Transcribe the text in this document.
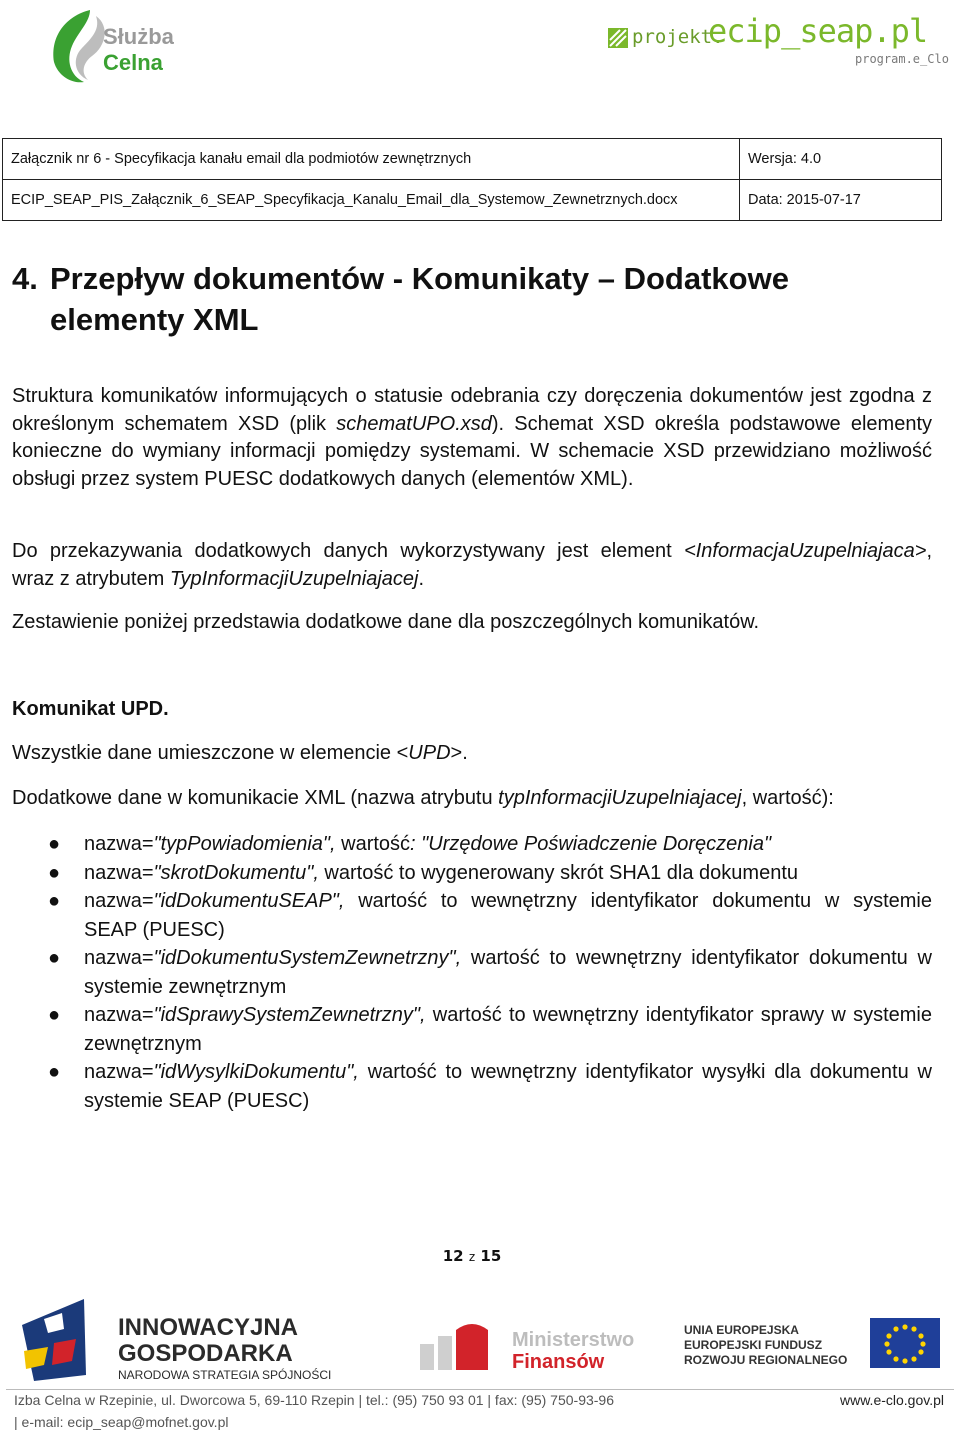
Służba
Celna
projekt.
ecip_seap.pl
program.e_Clo
Załącznik nr 6 - Specyfikacja kanału email dla podmiotów zewnętrznych	Wersja: 4.0
ECIP_SEAP_PIS_Załącznik_6_SEAP_Specyfikacja_Kanalu_Email_dla_Systemow_Zewnetrznych.docx	Data: 2015-07-17
4. Przepływ dokumentów - Komunikaty – Dodatkowe
elementy XML
Struktura komunikatów informujących o statusie odebrania czy doręczenia dokumentów jest zgodna z określonym schematem XSD (plik schematUPO.xsd). Schemat XSD określa podstawowe elementy konieczne do wymiany informacji pomiędzy systemami. W schemacie XSD przewidziano możliwość obsługi przez system PUESC dodatkowych danych (elementów XML).
Do przekazywania dodatkowych danych wykorzystywany jest element <InformacjaUzupelniajaca>, wraz z atrybutem TypInformacjiUzupelniajacej.
Zestawienie poniżej przedstawia dodatkowe dane dla poszczególnych komunikatów.
Komunikat UPD.
Wszystkie dane umieszczone w elemencie <UPD>.
Dodatkowe dane w komunikacie XML (nazwa atrybutu typInformacjiUzupelniajacej, wartość):
● nazwa="typPowiadomienia", wartość: "Urzędowe Poświadczenie Doręczenia"
● nazwa="skrotDokumentu", wartość to wygenerowany skrót SHA1 dla dokumentu
● nazwa="idDokumentuSEAP", wartość to wewnętrzny identyfikator dokumentu w systemie SEAP (PUESC)
● nazwa="idDokumentuSystemZewnetrzny", wartość to wewnętrzny identyfikator dokumentu w systemie zewnętrznym
● nazwa="idSprawySystemZewnetrzny", wartość to wewnętrzny identyfikator sprawy w systemie zewnętrznym
● nazwa="idWysylkiDokumentu", wartość to wewnętrzny identyfikator wysyłki dla dokumentu w systemie SEAP (PUESC)
12 z 15
INNOWACYJNA
GOSPODARKA
NARODOWA STRATEGIA SPÓJNOŚCI
Ministerstwo
Finansów
UNIA EUROPEJSKA
EUROPEJSKI FUNDUSZ
ROZWOJU REGIONALNEGO
Izba Celna w Rzepinie, ul. Dworcowa 5, 69-110 Rzepin | tel.: (95) 750 93 01 | fax: (95) 750-93-96
| e-mail: ecip_seap@mofnet.gov.pl
www.e-clo.gov.pl
